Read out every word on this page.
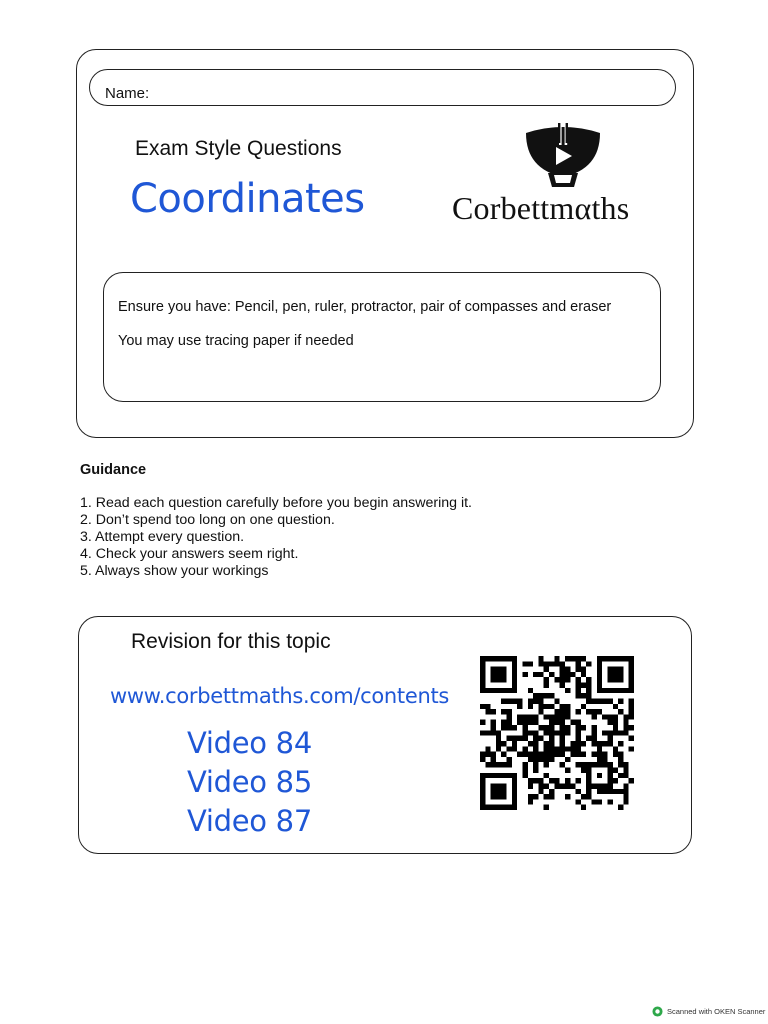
Name:
Exam Style Questions
Coordinates	Corbettmαths
Ensure you have: Pencil, pen, ruler, protractor, pair of compasses and eraser
You may use tracing paper if needed
Guidance
1. Read each question carefully before you begin answering it.
2. Don’t spend too long on one question.
3. Attempt every question.
4. Check your answers seem right.
5. Always show your workings
Revision for this topic
www.corbettmaths.com/contents
Video 84
Video 85
Video 87
Scanned with OKEN Scanner
